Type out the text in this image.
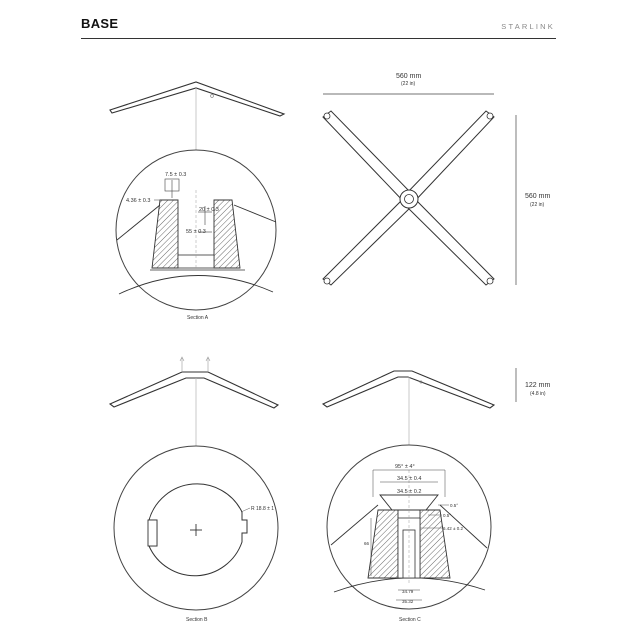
BASE	STARLINK
7.5 ± 0.3
4.36 ± 0.3
20 ± 0.3
55 ± 0.3
Section A
560 mm
(22 in)
560 mm
(22 in)
R 18.8 ± 1
Section B
122 mm
(4.8 in)
95° ± 4°
34.5 ± 0.4
34.5 ± 0.2
0.5°
0.5°
6.42 ± 0.2
66
34.79
35.32
Section C
